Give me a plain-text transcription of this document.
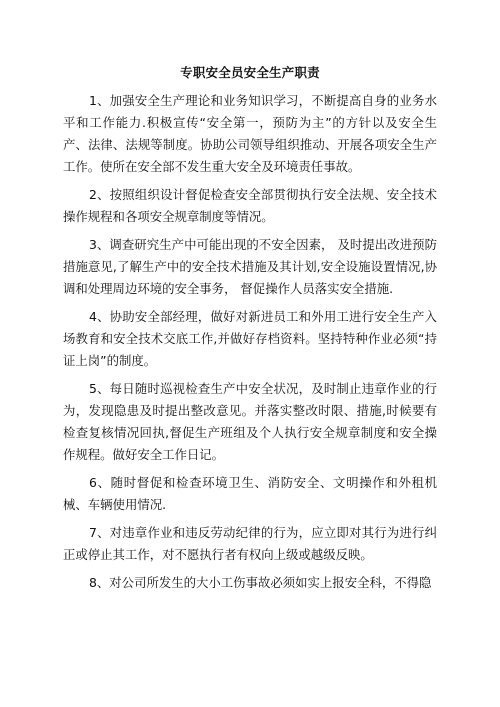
专职安全员安全生产职责

1、加强安全生产理论和业务知识学习，不断提高自身的业务水平和工作能力.积极宣传“安全第一，预防为主”的方针以及安全生产、法律、法规等制度。协助公司领导组织推动、开展各项安全生产工作。使所在安全部不发生重大安全及环境责任事故。

2、按照组织设计督促检查安全部贯彻执行安全法规、安全技术操作规程和各项安全规章制度等情况。

3、调查研究生产中可能出现的不安全因素， 及时提出改进预防措施意见,了解生产中的安全技术措施及其计划,安全设施设置情况,协调和处理周边环境的安全事务， 督促操作人员落实安全措施.

4、协助安全部经理，做好对新进员工和外用工进行安全生产入场教育和安全技术交底工作,并做好存档资料。坚持特种作业必须“持证上岗”的制度。

5、每日随时巡视检查生产中安全状况，及时制止违章作业的行为，发现隐患及时提出整改意见。并落实整改时限、措施,时候要有检查复核情况回执,督促生产班组及个人执行安全规章制度和安全操作规程。做好安全工作日记。

6、随时督促和检查环境卫生、消防安全、文明操作和外租机械、车辆使用情况.

7、对违章作业和违反劳动纪律的行为，应立即对其行为进行纠正或停止其工作，对不愿执行者有权向上级或越级反映。

8、对公司所发生的大小工伤事故必须如实上报安全科，不得隐
